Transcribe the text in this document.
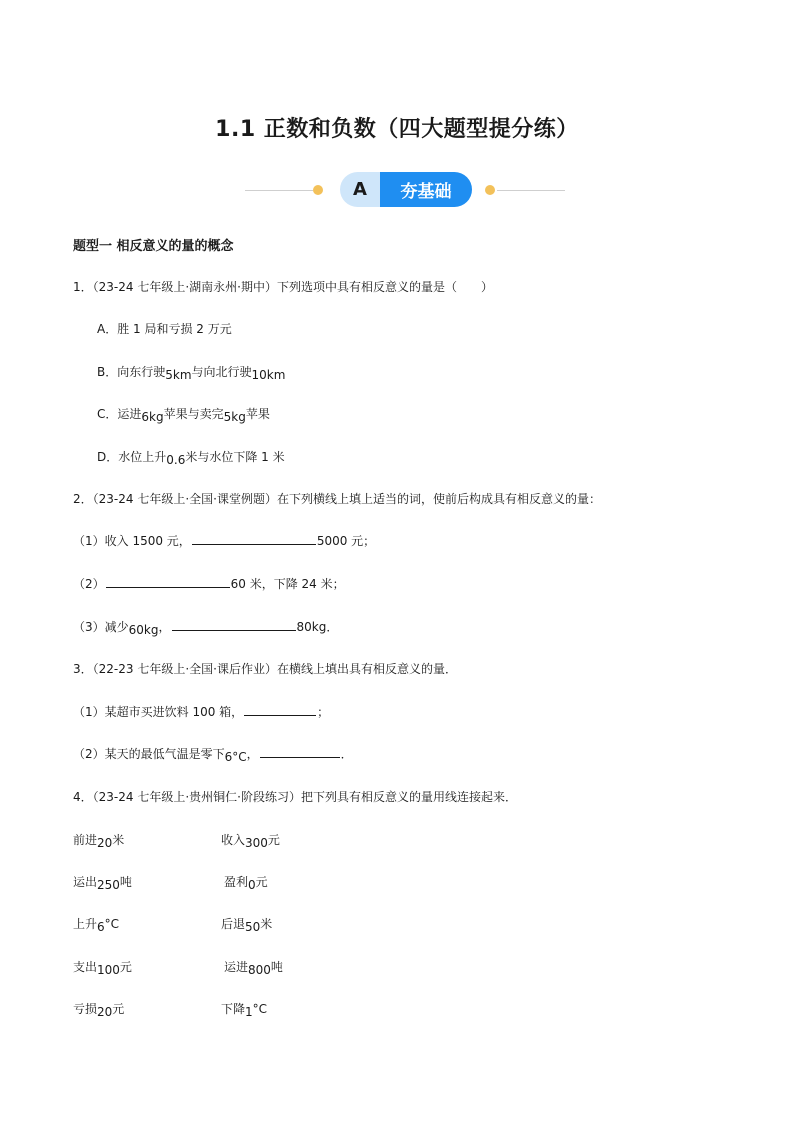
1.1 正数和负数（四大题型提分练）
A	夯基础
题型一 相反意义的量的概念
1．（23-24 七年级上·湖南永州·期中）下列选项中具有相反意义的量是（　　）
A．胜 1 局和亏损 2 万元
B．向东行驶5km与向北行驶10km
C．运进6kg苹果与卖完5kg苹果
D．水位上升0.6米与水位下降 1 米
2．（23-24 七年级上·全国·课堂例题）在下列横线上填上适当的词，使前后构成具有相反意义的量：
（1）收入 1500 元，	5000 元；
（2）	60 米，下降 24 米；
（3）减少60kg，	80kg．
3．（22-23 七年级上·全国·课后作业）在横线上填出具有相反意义的量．
（1）某超市买进饮料 100 箱，	；
（2）某天的最低气温是零下6°C，	．
4．（23-24 七年级上·贵州铜仁·阶段练习）把下列具有相反意义的量用线连接起来．
前进20米	收入300元
运出250吨	盈利0元
上升6°C	后退50米
支出100元	运进800吨
亏损20元	下降1°C
